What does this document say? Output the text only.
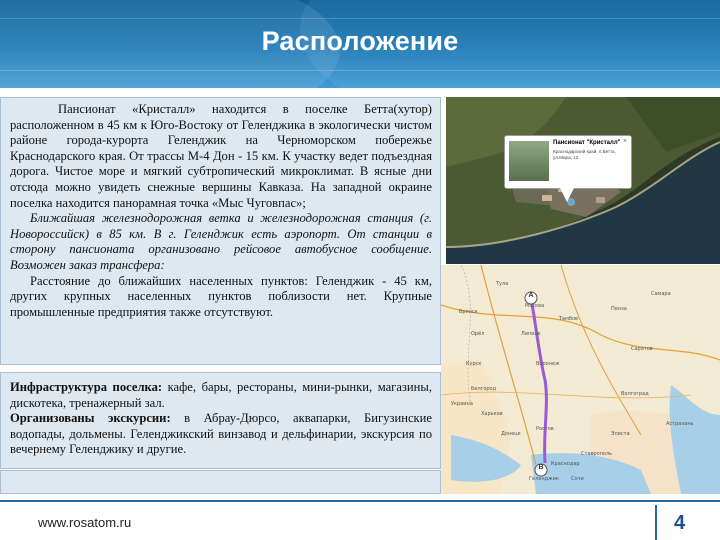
Расположение

Пансионат «Кристалл» находится в поселке Бетта(хутор) расположенном в 45 км к Юго-Востоку от Геленджика в экологически чистом районе города-курорта Геленджик на Черноморском побережье Краснодарского края. От трассы М-4 Дон - 15 км. К участку ведет подъездная дорога. Чистое море и мягкий субтропический микроклимат. В ясные дни отсюда можно увидеть снежные вершины Кавказа. На западной окраине поселка находится панорамная точка «Мыс Чуговпас»;

Ближайшая железнодорожная ветка и железнодорожная станция (г. Новороссийск) в 85 км. В г. Геленджик есть аэропорт. От станции в сторону пансионата организовано рейсовое автобусное сообщение. Возможен заказ трансфера:

Расстояние до ближайших населенных пунктов: Геленджик - 45 км, других крупных населенных пунктов поблизости нет. Крупные промышленные предприятия также отсутствуют.

Инфраструктура поселка: кафе, бары, рестораны, мини-рынки, магазины, дискотека, тренажерный зал.

Организованы экскурсии: в Абрау-Дюрсо, аквапарки, Бигузинские водопады, дольмены. Геленджикский винзавод и дельфинарии, экскурсия по вечернему Геленджику и другие.

Пансионат "Кристалл"
Краснодарский край, п.Бетта, ул.Мира, 12
×
Москва
Тула
Брянск
Орёл
Курск
Липецк
Тамбов
Пенза
Самара
Саратов
Воронеж
Белгород
Харьков
Украина
Донецк
Ростов
Волгоград
Элиста
Астрахань
Ставрополь
Краснодар
Геленджик Сочи
A
B
www.rosatom.ru	4
